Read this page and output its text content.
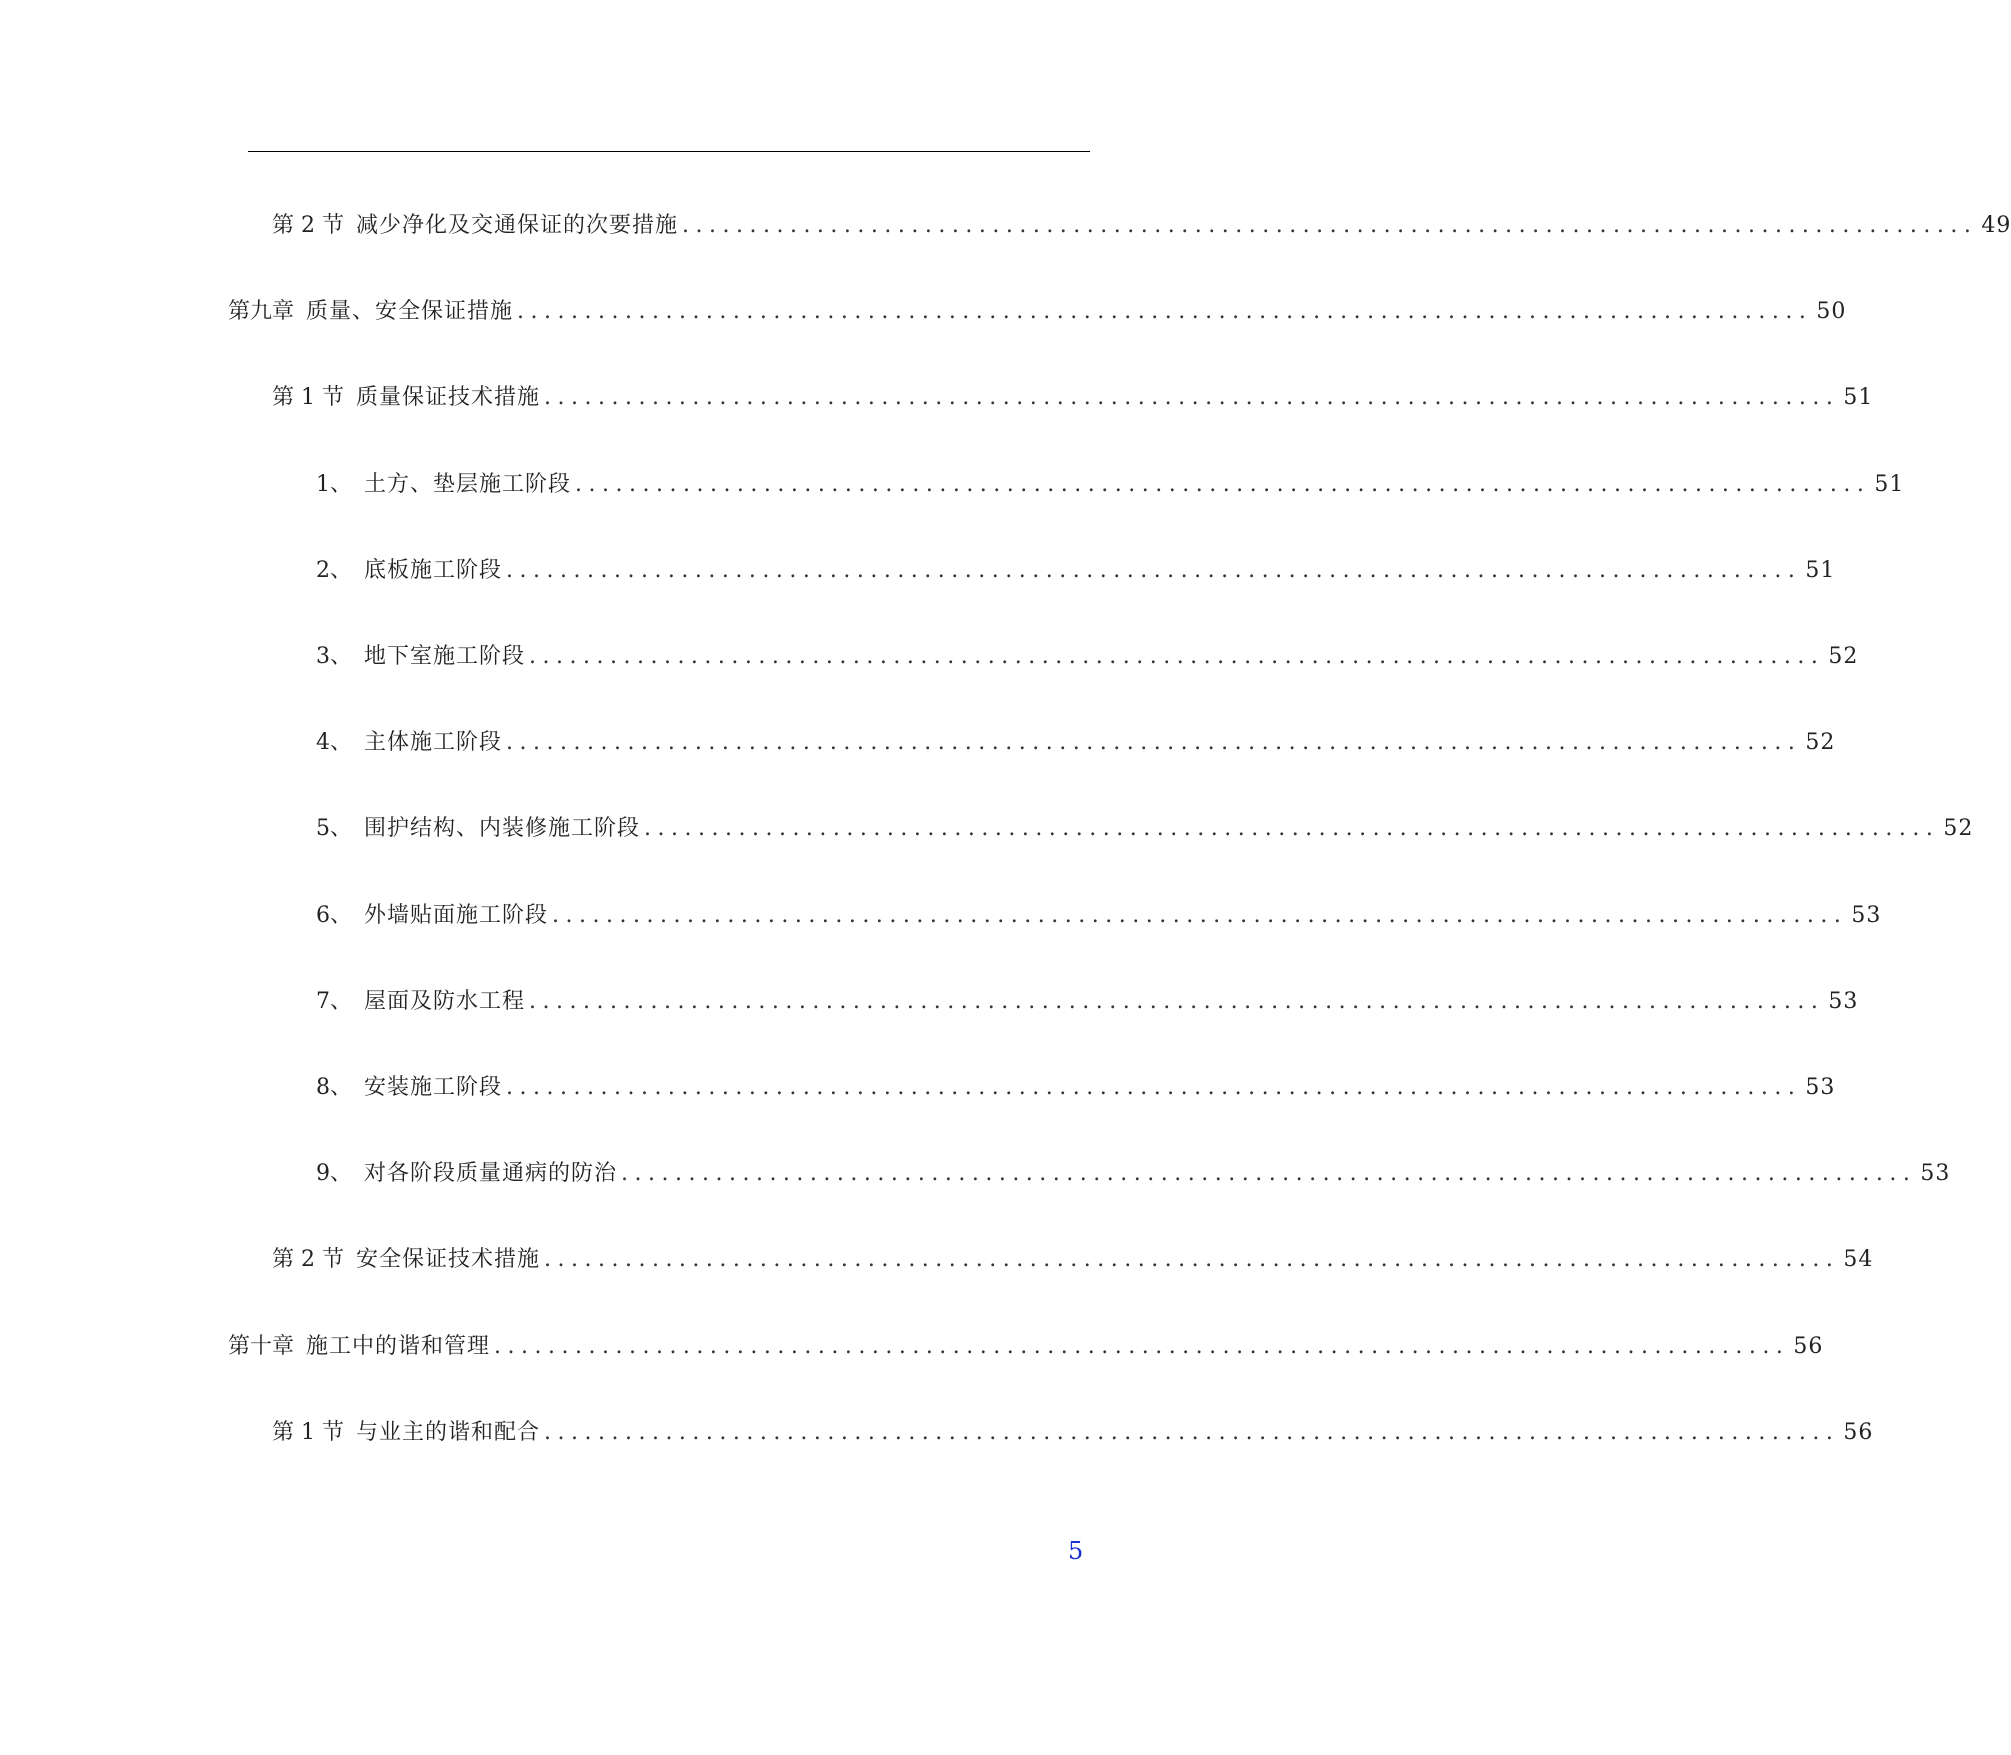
第 2 节 减少净化及交通保证的次要措施 ................................................................................................ 49
第九章 质量、安全保证措施 ................................................................................................ 50
第 1 节 质量保证技术措施 ................................................................................................ 51
1、 土方、垫层施工阶段 ................................................................................................ 51
2、 底板施工阶段 ................................................................................................ 51
3、 地下室施工阶段 ................................................................................................ 52
4、 主体施工阶段 ................................................................................................ 52
5、 围护结构、内装修施工阶段 ................................................................................................ 52
6、 外墙贴面施工阶段 ................................................................................................ 53
7、 屋面及防水工程 ................................................................................................ 53
8、 安装施工阶段 ................................................................................................ 53
9、 对各阶段质量通病的防治 ................................................................................................ 53
第 2 节 安全保证技术措施 ................................................................................................ 54
第十章 施工中的谐和管理 ................................................................................................ 56
第 1 节 与业主的谐和配合 ................................................................................................ 56
5
